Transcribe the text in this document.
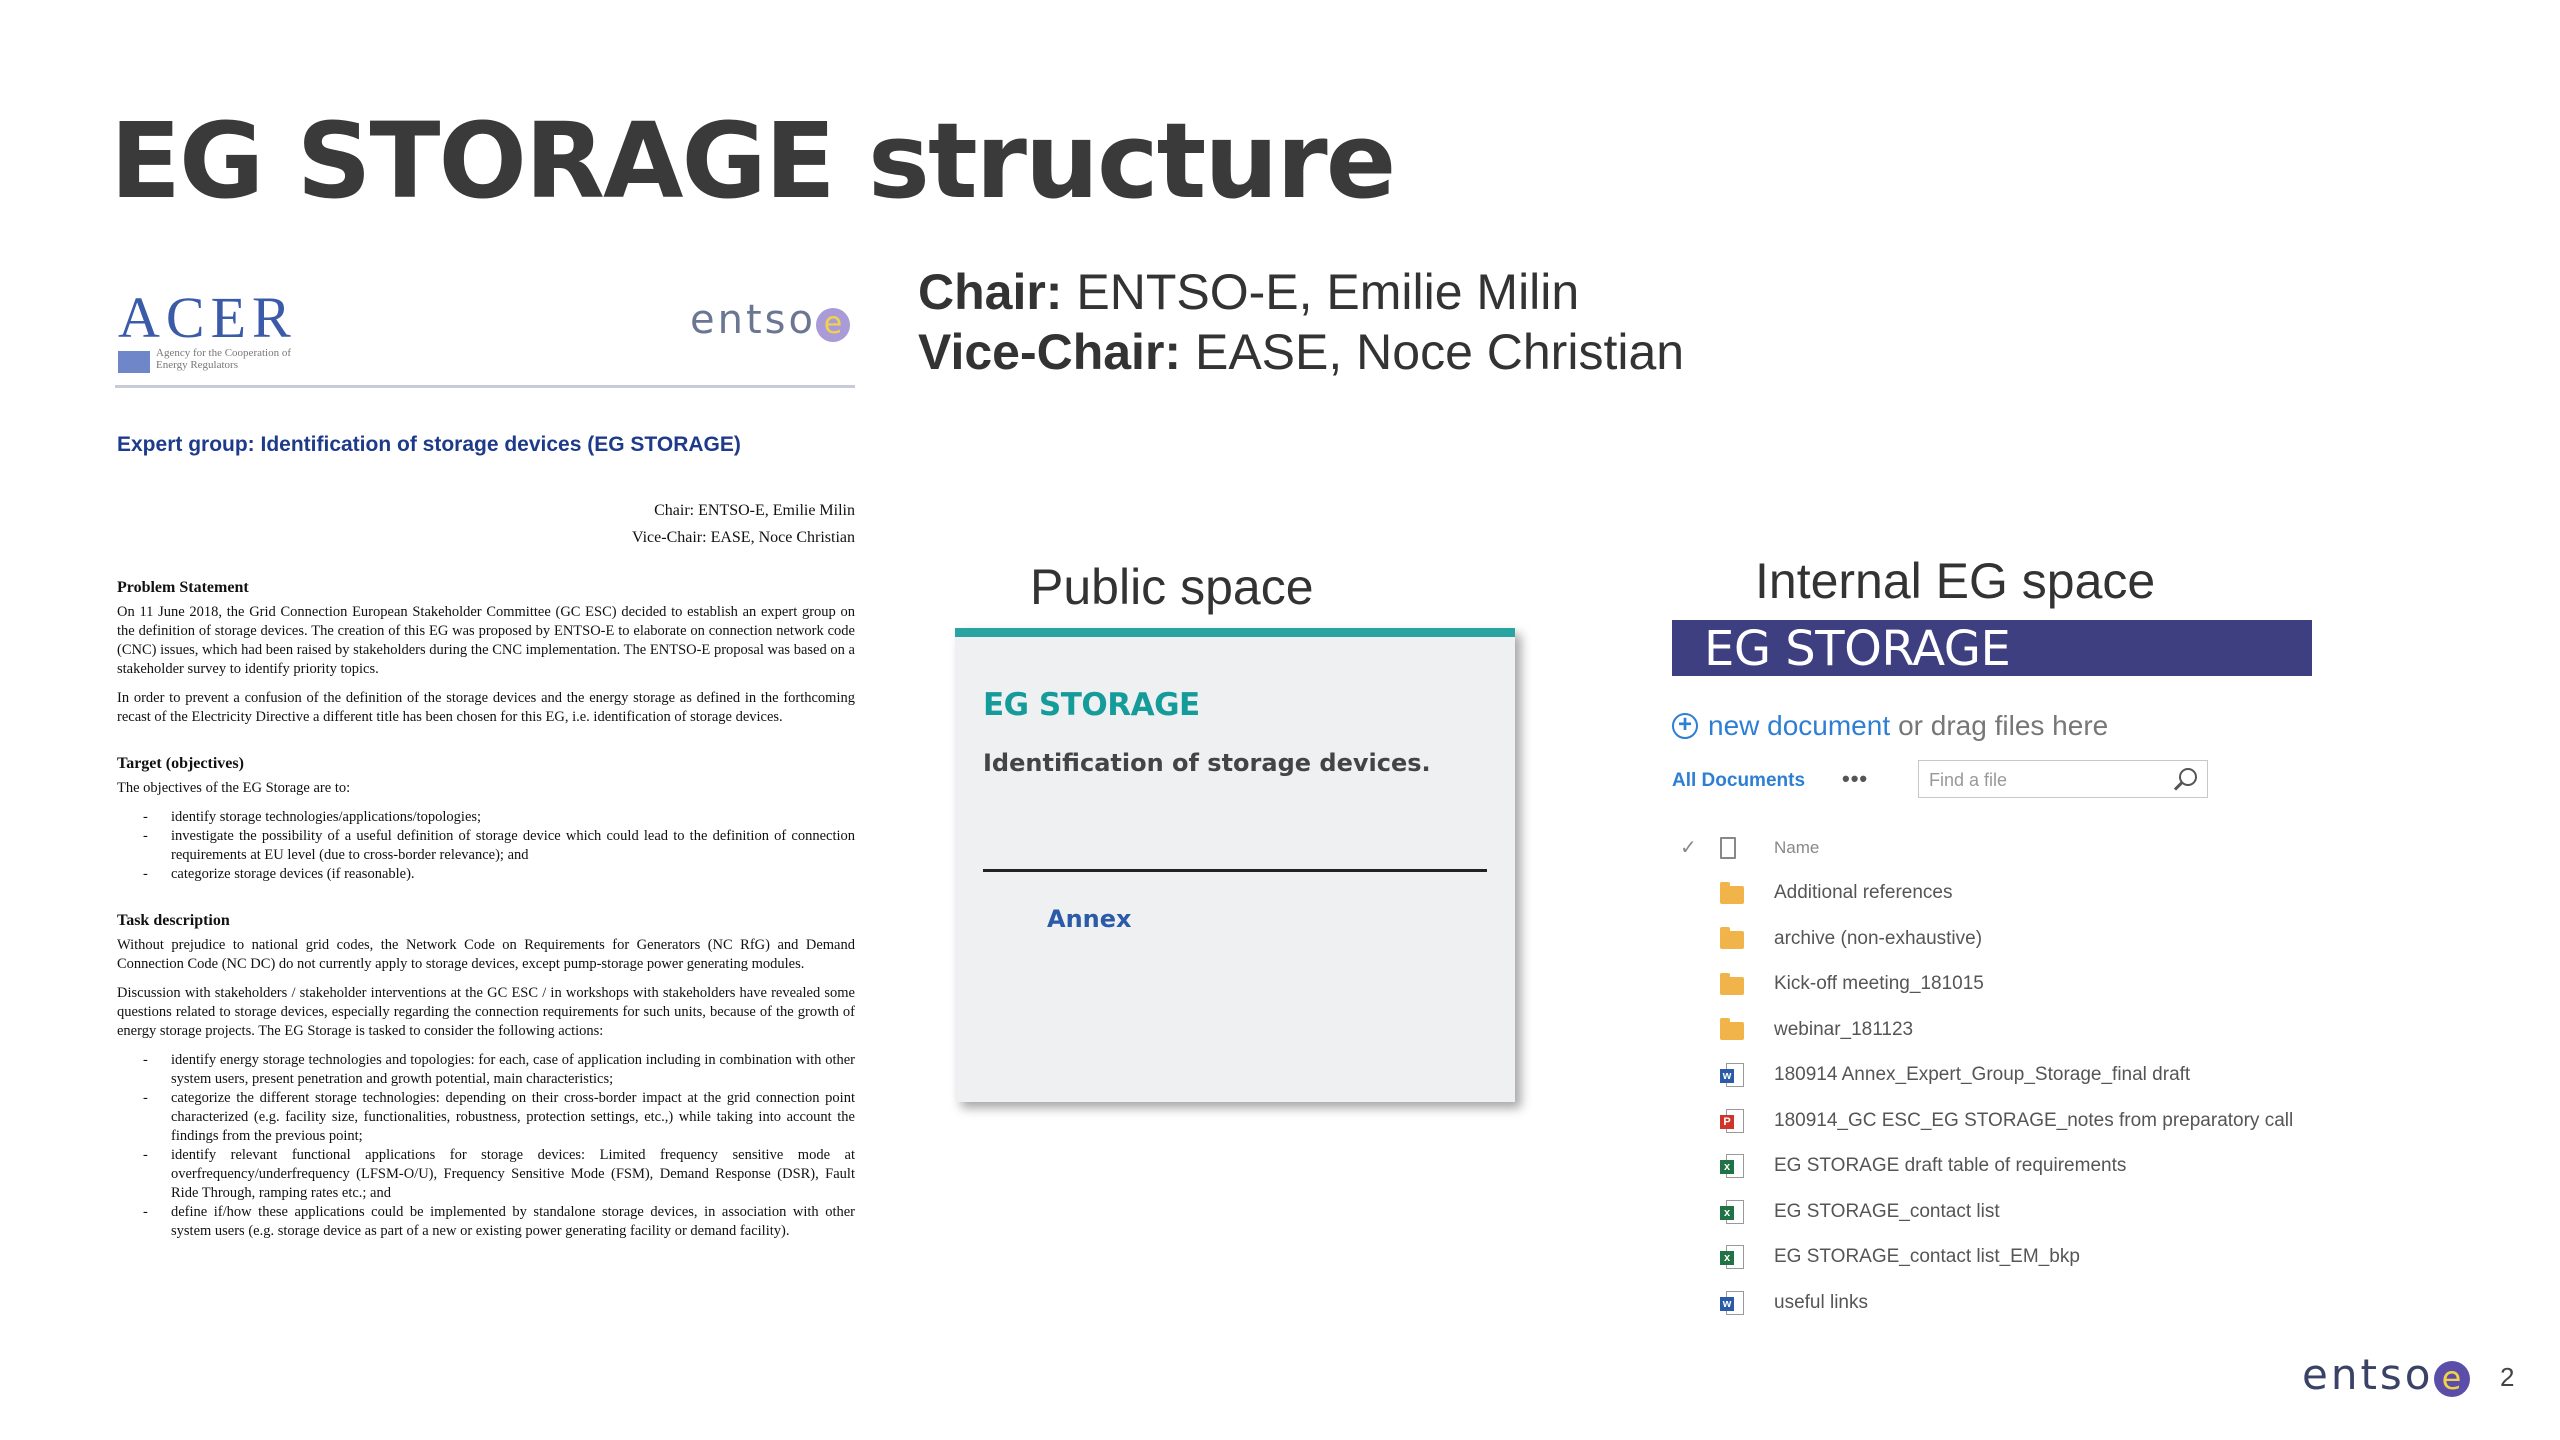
EG STORAGE structure
Chair: ENTSO-E, Emilie Milin
Vice-Chair: EASE, Noce Christian
ACER
Agency for the Cooperation of Energy Regulators
entso e
Expert group: Identification of storage devices (EG STORAGE)
Chair: ENTSO-E, Emilie Milin
Vice-Chair: EASE, Noce Christian
Problem Statement

On 11 June 2018, the Grid Connection European Stakeholder Committee (GC ESC) decided to establish an expert group on the definition of storage devices. The creation of this EG was proposed by ENTSO-E to elaborate on connection network code (CNC) issues, which had been raised by stakeholders during the CNC implementation. The ENTSO-E proposal was based on a stakeholder survey to identify priority topics.

In order to prevent a confusion of the definition of the storage devices and the energy storage as defined in the forthcoming recast of the Electricity Directive a different title has been chosen for this EG, i.e. identification of storage devices.

Target (objectives)

The objectives of the EG Storage are to:

- identify storage technologies/applications/topologies;
- investigate the possibility of a useful definition of storage device which could lead to the definition of connection requirements at EU level (due to cross-border relevance); and
- categorize storage devices (if reasonable).
Task description

Without prejudice to national grid codes, the Network Code on Requirements for Generators (NC RfG) and Demand Connection Code (NC DC) do not currently apply to storage devices, except pump-storage power generating modules.

Discussion with stakeholders / stakeholder interventions at the GC ESC / in workshops with stakeholders have revealed some questions related to storage devices, especially regarding the connection requirements for such units, because of the growth of energy storage projects. The EG Storage is tasked to consider the following actions:

- identify energy storage technologies and topologies: for each, case of application including in combination with other system users, present penetration and growth potential, main characteristics;
- categorize the different storage technologies: depending on their cross-border impact at the grid connection point characterized (e.g. facility size, functionalities, robustness, protection settings, etc.,) while taking into account the findings from the previous point;
- identify relevant functional applications for storage devices: Limited frequency sensitive mode at overfrequency/underfrequency (LFSM-O/U), Frequency Sensitive Mode (FSM), Demand Response (DSR), Fault Ride Through, ramping rates etc.; and
- define if/how these applications could be implemented by standalone storage devices, in association with other system users (e.g. storage device as part of a new or existing power generating facility or demand facility).
Public space
EG STORAGE
Identification of storage devices.
Annex
Internal EG space
EG STORAGE
+ new document or drag files here
All Documents •••	Find a file
✓	Name
Additional references
archive (non-exhaustive)
Kick-off meeting_181015
webinar_181123
w 180914 Annex_Expert_Group_Storage_final draft
P 180914_GC ESC_EG STORAGE_notes from preparatory call
x EG STORAGE draft table of requirements
x EG STORAGE_contact list
x EG STORAGE_contact list_EM_bkp
w useful links
entso e	2
